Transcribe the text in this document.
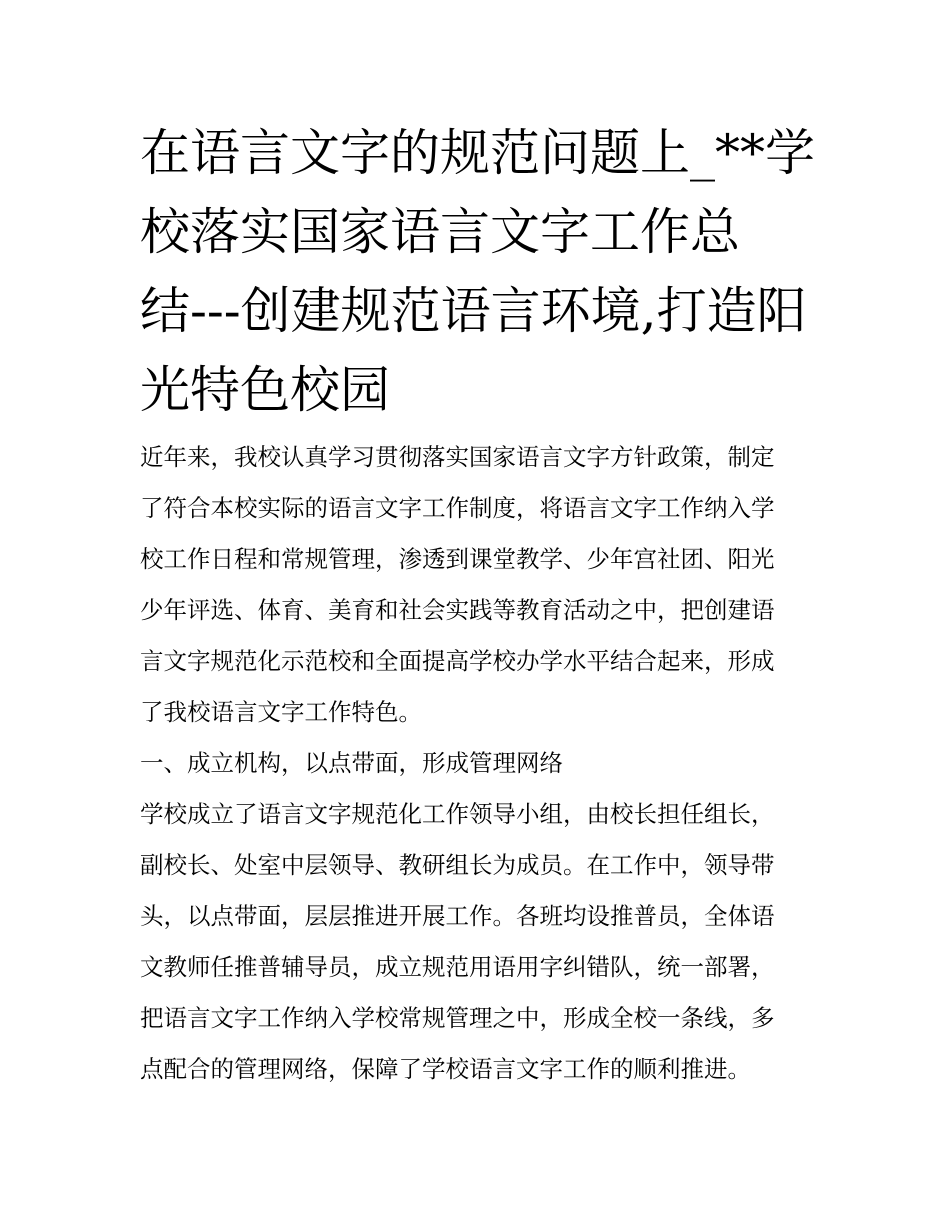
在语言文字的规范问题上_**学
校落实国家语言文字工作总
结---创建规范语言环境,打造阳
光特色校园
近年来，我校认真学习贯彻落实国家语言文字方针政策，制定
了符合本校实际的语言文字工作制度，将语言文字工作纳入学
校工作日程和常规管理，渗透到课堂教学、少年宫社团、阳光
少年评选、体育、美育和社会实践等教育活动之中，把创建语
言文字规范化示范校和全面提高学校办学水平结合起来，形成
了我校语言文字工作特色。
一、成立机构，以点带面，形成管理网络
学校成立了语言文字规范化工作领导小组，由校长担任组长，
副校长、处室中层领导、教研组长为成员。在工作中，领导带
头，以点带面，层层推进开展工作。各班均设推普员，全体语
文教师任推普辅导员，成立规范用语用字纠错队，统一部署，
把语言文字工作纳入学校常规管理之中，形成全校一条线，多
点配合的管理网络，保障了学校语言文字工作的顺利推进。
